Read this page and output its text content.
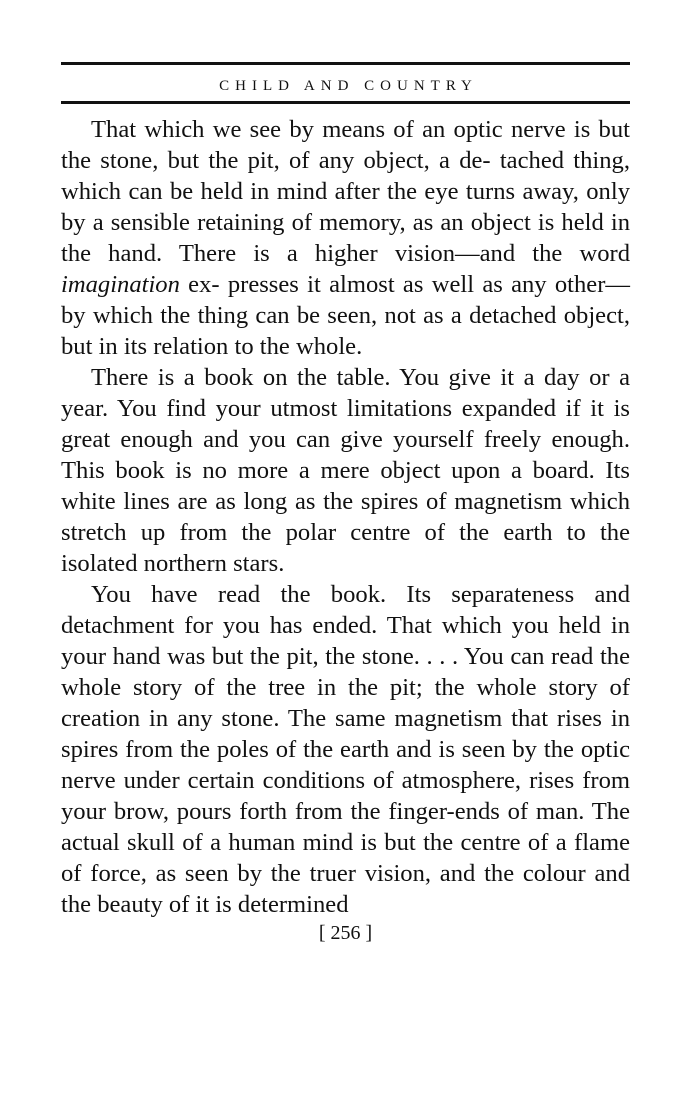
CHILD AND COUNTRY

That which we see by means of an optic nerve is but the stone, but the pit, of any object, a de- tached thing, which can be held in mind after the eye turns away, only by a sensible retaining of memory, as an object is held in the hand. There is a higher vision—and the word imagination ex- presses it almost as well as any other—by which the thing can be seen, not as a detached object, but in its relation to the whole.

There is a book on the table. You give it a day or a year. You find your utmost limitations expanded if it is great enough and you can give yourself freely enough. This book is no more a mere object upon a board. Its white lines are as long as the spires of magnetism which stretch up from the polar centre of the earth to the isolated northern stars.

You have read the book. Its separateness and detachment for you has ended. That which you held in your hand was but the pit, the stone. . . . You can read the whole story of the tree in the pit; the whole story of creation in any stone. The same magnetism that rises in spires from the poles of the earth and is seen by the optic nerve under certain conditions of atmosphere, rises from your brow, pours forth from the finger-ends of man. The actual skull of a human mind is but the centre of a flame of force, as seen by the truer vision, and the colour and the beauty of it is determined

[ 256 ]
